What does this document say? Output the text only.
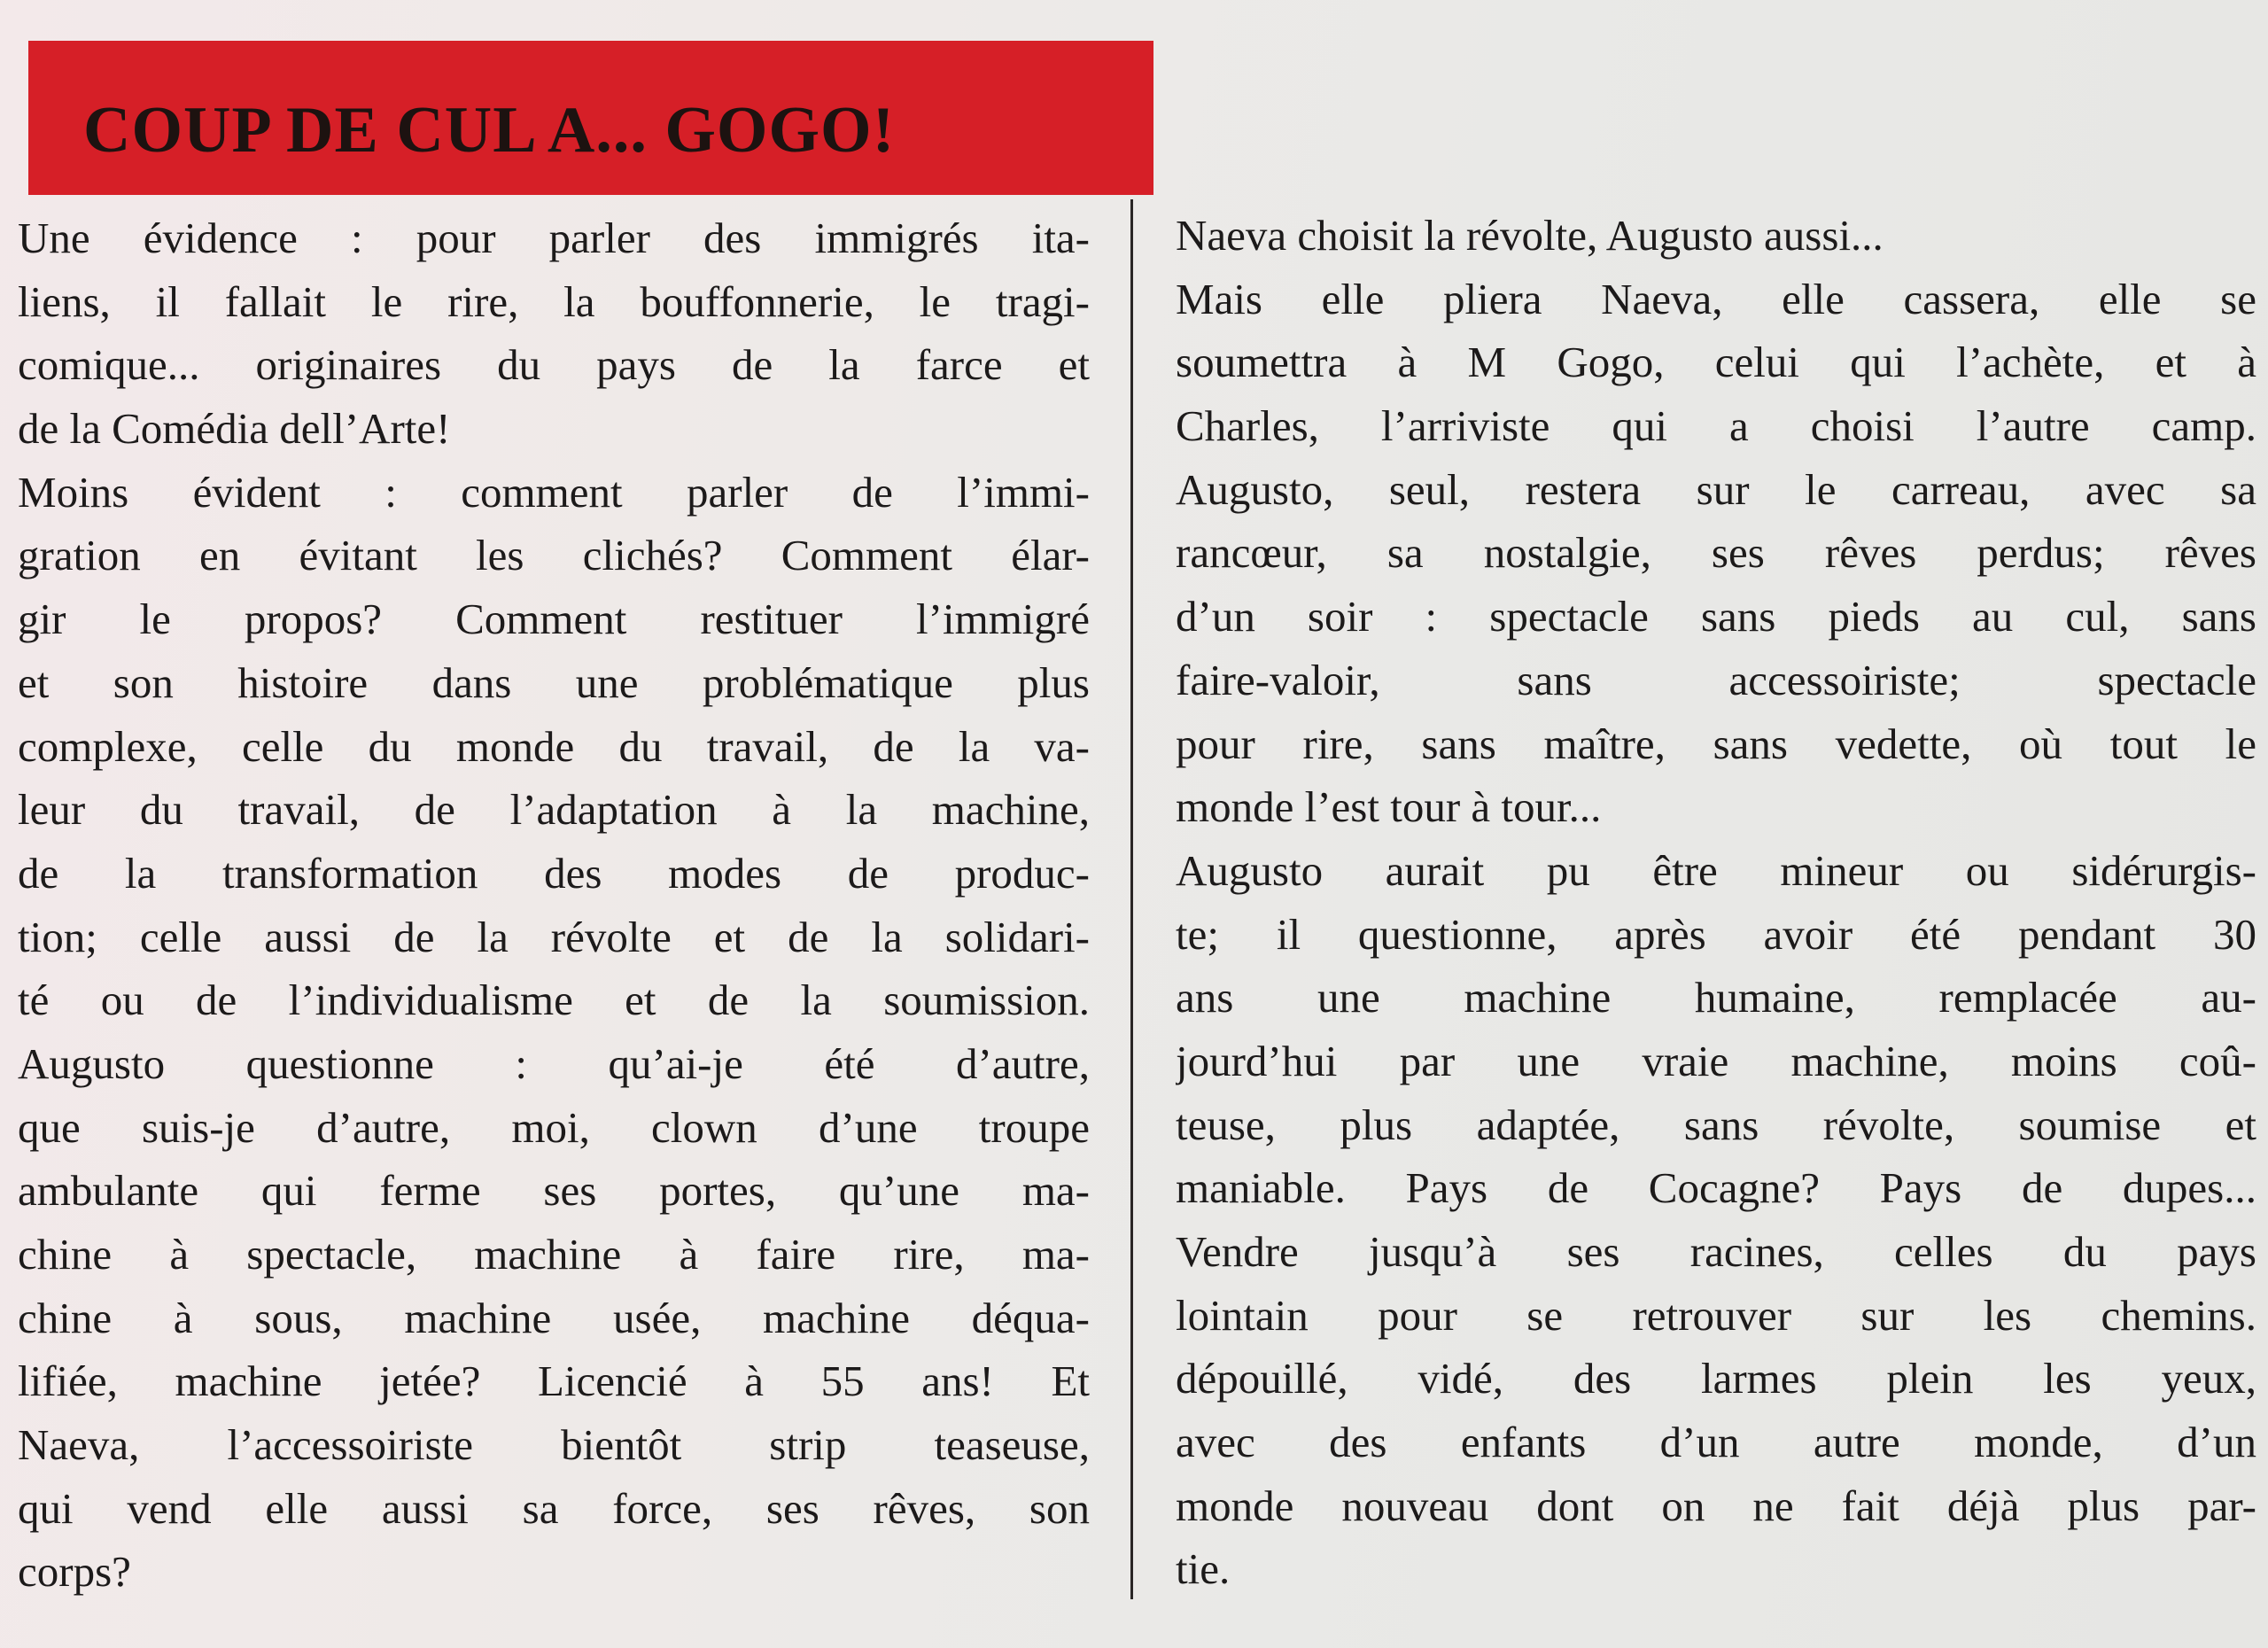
COUP DE CUL A... GOGO!
Une évidence : pour parler des immigrés ita-
liens, il fallait le rire, la bouffonnerie, le tragi-
comique... originaires du pays de la farce et
de la Comédia dell’Arte!
Moins évident : comment parler de l’immi-
gration en évitant les clichés? Comment élar-
gir le propos? Comment restituer l’immigré
et son histoire dans une problématique plus
complexe, celle du monde du travail, de la va-
leur du travail, de l’adaptation à la machine,
de la transformation des modes de produc-
tion; celle aussi de la révolte et de la solidari-
té ou de l’individualisme et de la soumission.
Augusto questionne : qu’ai-je été d’autre,
que suis-je d’autre, moi, clown d’une troupe
ambulante qui ferme ses portes, qu’une ma-
chine à spectacle, machine à faire rire, ma-
chine à sous, machine usée, machine déqua-
lifiée, machine jetée? Licencié à 55 ans! Et
Naeva, l’accessoiriste bientôt strip teaseuse,
qui vend elle aussi sa force, ses rêves, son
corps?
Naeva choisit la révolte, Augusto aussi...
Mais elle pliera Naeva, elle cassera, elle se
soumettra à M Gogo, celui qui l’achète, et à
Charles, l’arriviste qui a choisi l’autre camp.
Augusto, seul, restera sur le carreau, avec sa
rancœur, sa nostalgie, ses rêves perdus; rêves
d’un soir : spectacle sans pieds au cul, sans
faire-valoir, sans accessoiriste; spectacle
pour rire, sans maître, sans vedette, où tout le
monde l’est tour à tour...
Augusto aurait pu être mineur ou sidérurgis-
te; il questionne, après avoir été pendant 30
ans une machine humaine, remplacée au-
jourd’hui par une vraie machine, moins coû-
teuse, plus adaptée, sans révolte, soumise et
maniable. Pays de Cocagne? Pays de dupes...
Vendre jusqu’à ses racines, celles du pays
lointain pour se retrouver sur les chemins.
dépouillé, vidé, des larmes plein les yeux,
avec des enfants d’un autre monde, d’un
monde nouveau dont on ne fait déjà plus par-
tie.
